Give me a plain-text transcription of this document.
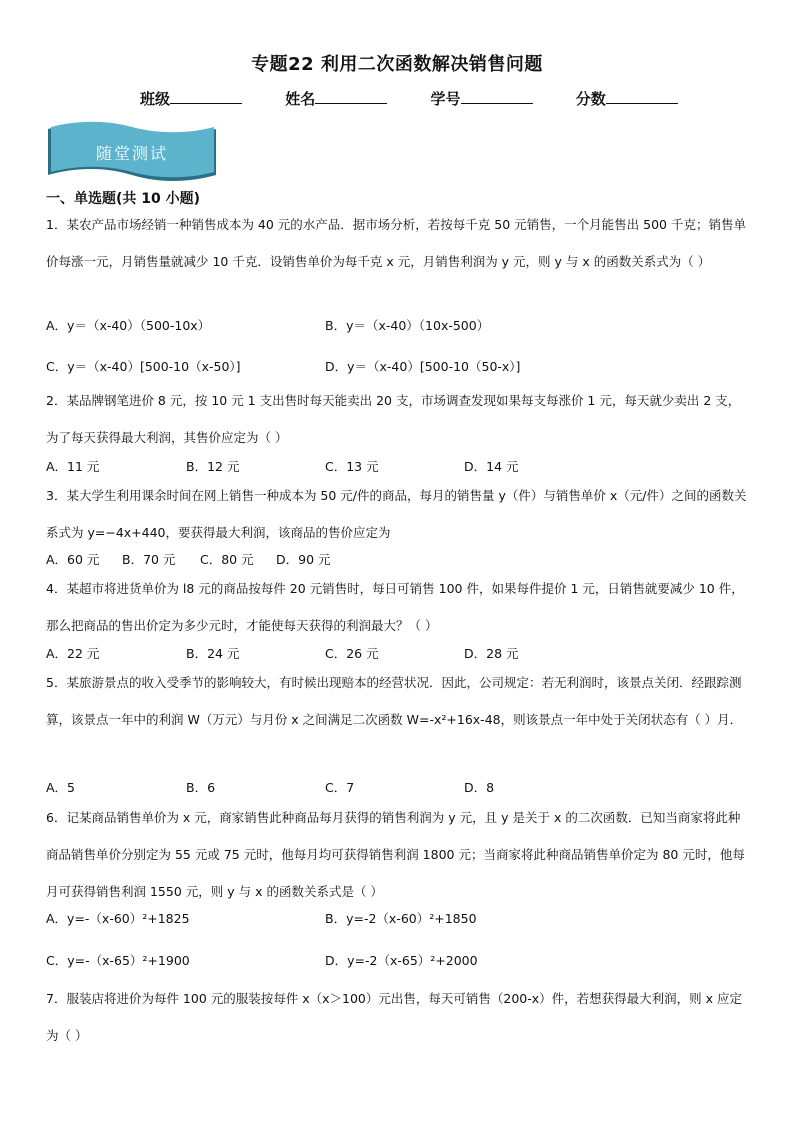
专题22 利用二次函数解决销售问题
班级	姓名	学号	分数
随堂测试
一、单选题(共 10 小题)
1．某农产品市场经销一种销售成本为 40 元的水产品．据市场分析，若按每千克 50 元销售，一个月能售出 500 千克；销售单价每涨一元，月销售量就减少 10 千克．设销售单价为每千克 x 元，月销售利润为 y 元，则 y 与 x 的函数关系式为（ ）
A．y＝（x-40）（500-10x）	B．y＝（x-40）（10x-500）
C．y＝（x-40）[500-10（x-50）]	D．y＝（x-40）[500-10（50-x）]
2．某品牌钢笔进价 8 元，按 10 元 1 支出售时每天能卖出 20 支，市场调查发现如果每支每涨价 1 元，每天就少卖出 2 支，为了每天获得最大利润，其售价应定为（ ）
A．11 元	B．12 元	C．13 元	D．14 元
3．某大学生利用课余时间在网上销售一种成本为 50 元/件的商品，每月的销售量 y（件）与销售单价 x（元/件）之间的函数关系式为 y=−4x+440，要获得最大利润，该商品的售价应定为
A．60 元 B．70 元 C．80 元 D．90 元
4．某超市将进货单价为 l8 元的商品按每件 20 元销售时，每日可销售 100 件，如果每件提价 1 元，日销售就要减少 10 件，那么把商品的售出价定为多少元时，才能使每天获得的利润最大？（ ）
A．22 元	B．24 元	C．26 元	D．28 元
5．某旅游景点的收入受季节的影响较大，有时候出现赔本的经营状况．因此，公司规定：若无利润时，该景点关闭．经跟踪测算，该景点一年中的利润 W（万元）与月份 x 之间满足二次函数 W=-x²+16x-48，则该景点一年中处于关闭状态有（ ）月．
A．5	B．6	C．7	D．8
6．记某商品销售单价为 x 元，商家销售此种商品每月获得的销售利润为 y 元，且 y 是关于 x 的二次函数．已知当商家将此种商品销售单价分别定为 55 元或 75 元时，他每月均可获得销售利润 1800 元；当商家将此种商品销售单价定为 80 元时，他每月可获得销售利润 1550 元，则 y 与 x 的函数关系式是（ ）
A．y=-（x-60）²+1825	B．y=-2（x-60）²+1850
C．y=-（x-65）²+1900	D．y=-2（x-65）²+2000
7．服装店将进价为每件 100 元的服装按每件 x（x＞100）元出售，每天可销售（200-x）件，若想获得最大利润，则 x 应定为（ ）
